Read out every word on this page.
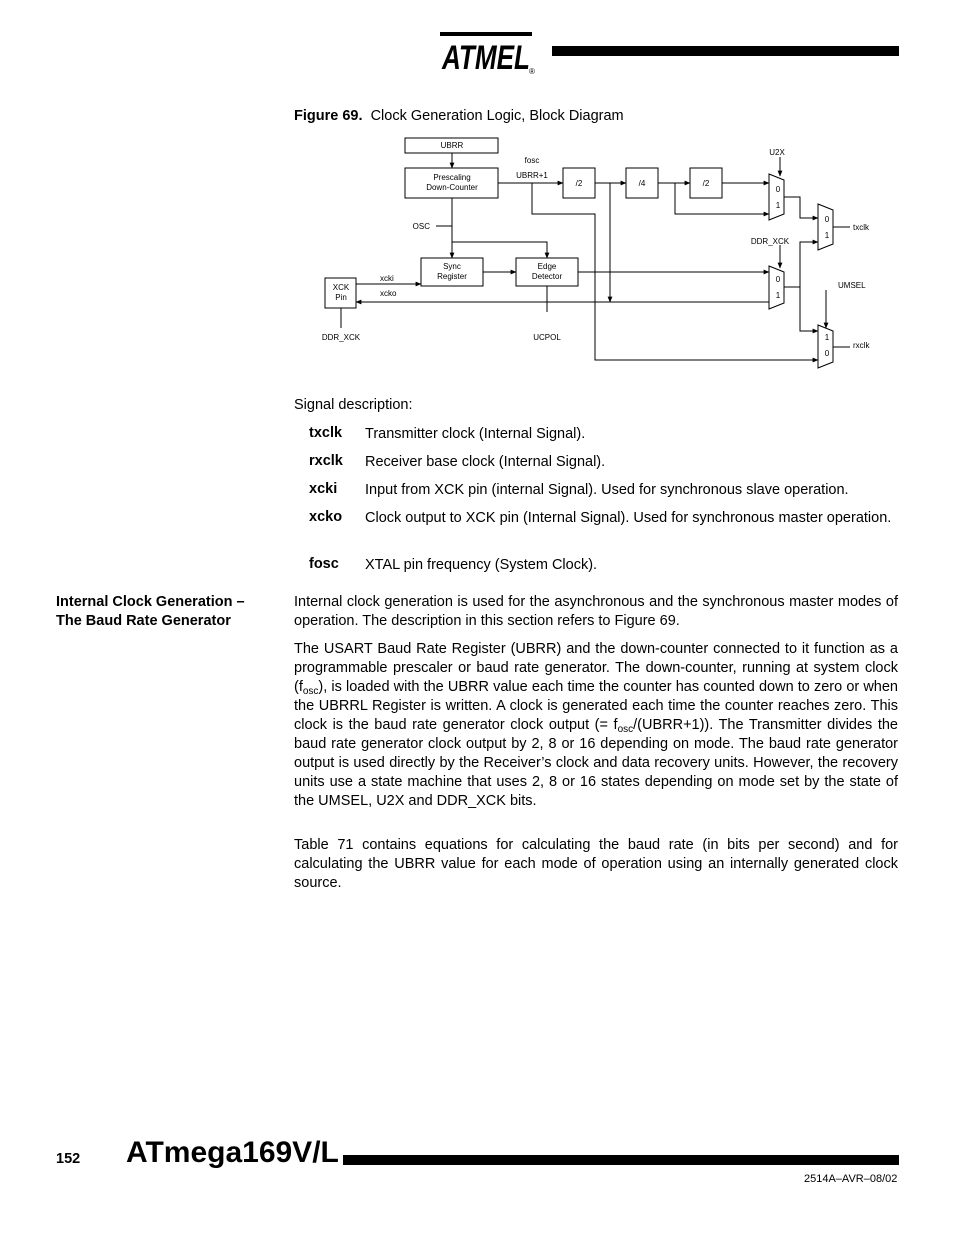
ATMEL ®
Figure 69. Clock Generation Logic, Block Diagram
UBRR
fosc
UBRR+1
Prescaling
Down-Counter	/2	/4	/2
U2X
0
1
OSC
DDR_XCK
0
1
txclk
Sync
Register
Edge
Detector
xcki
xcko
XCK
Pin
0
1
UMSEL
DDR_XCK	UCPOL	1
0
rxclk
Signal description:
txclk Transmitter clock (Internal Signal).
rxclk Receiver base clock (Internal Signal).
xcki Input from XCK pin (internal Signal). Used for synchronous slave operation.
xcko Clock output to XCK pin (Internal Signal). Used for synchronous master operation.
fosc XTAL pin frequency (System Clock).
Internal Clock Generation –
The Baud Rate Generator
Internal clock generation is used for the asynchronous and the synchronous master modes of operation. The description in this section refers to Figure 69.
The USART Baud Rate Register (UBRR) and the down-counter connected to it function as a programmable prescaler or baud rate generator. The down-counter, running at system clock $(f_{osc})$, is loaded with the UBRR value each time the counter has counted down to zero or when the UBRRL Register is written. A clock is generated each time the counter reaches zero. This clock is the baud rate generator clock output (= $f_{osc}/(UBRR+1)$). The Transmitter divides the baud rate generator clock output by 2, 8 or 16 depending on mode. The baud rate generator output is used directly by the Receiver’s clock and data recovery units. However, the recovery units use a state machine that uses 2, 8 or 16 states depending on mode set by the state of the UMSEL, U2X and DDR_XCK bits.
Table 71 contains equations for calculating the baud rate (in bits per second) and for calculating the UBRR value for each mode of operation using an internally generated clock source.
152 ATmega169V/L
2514A–AVR–08/02
